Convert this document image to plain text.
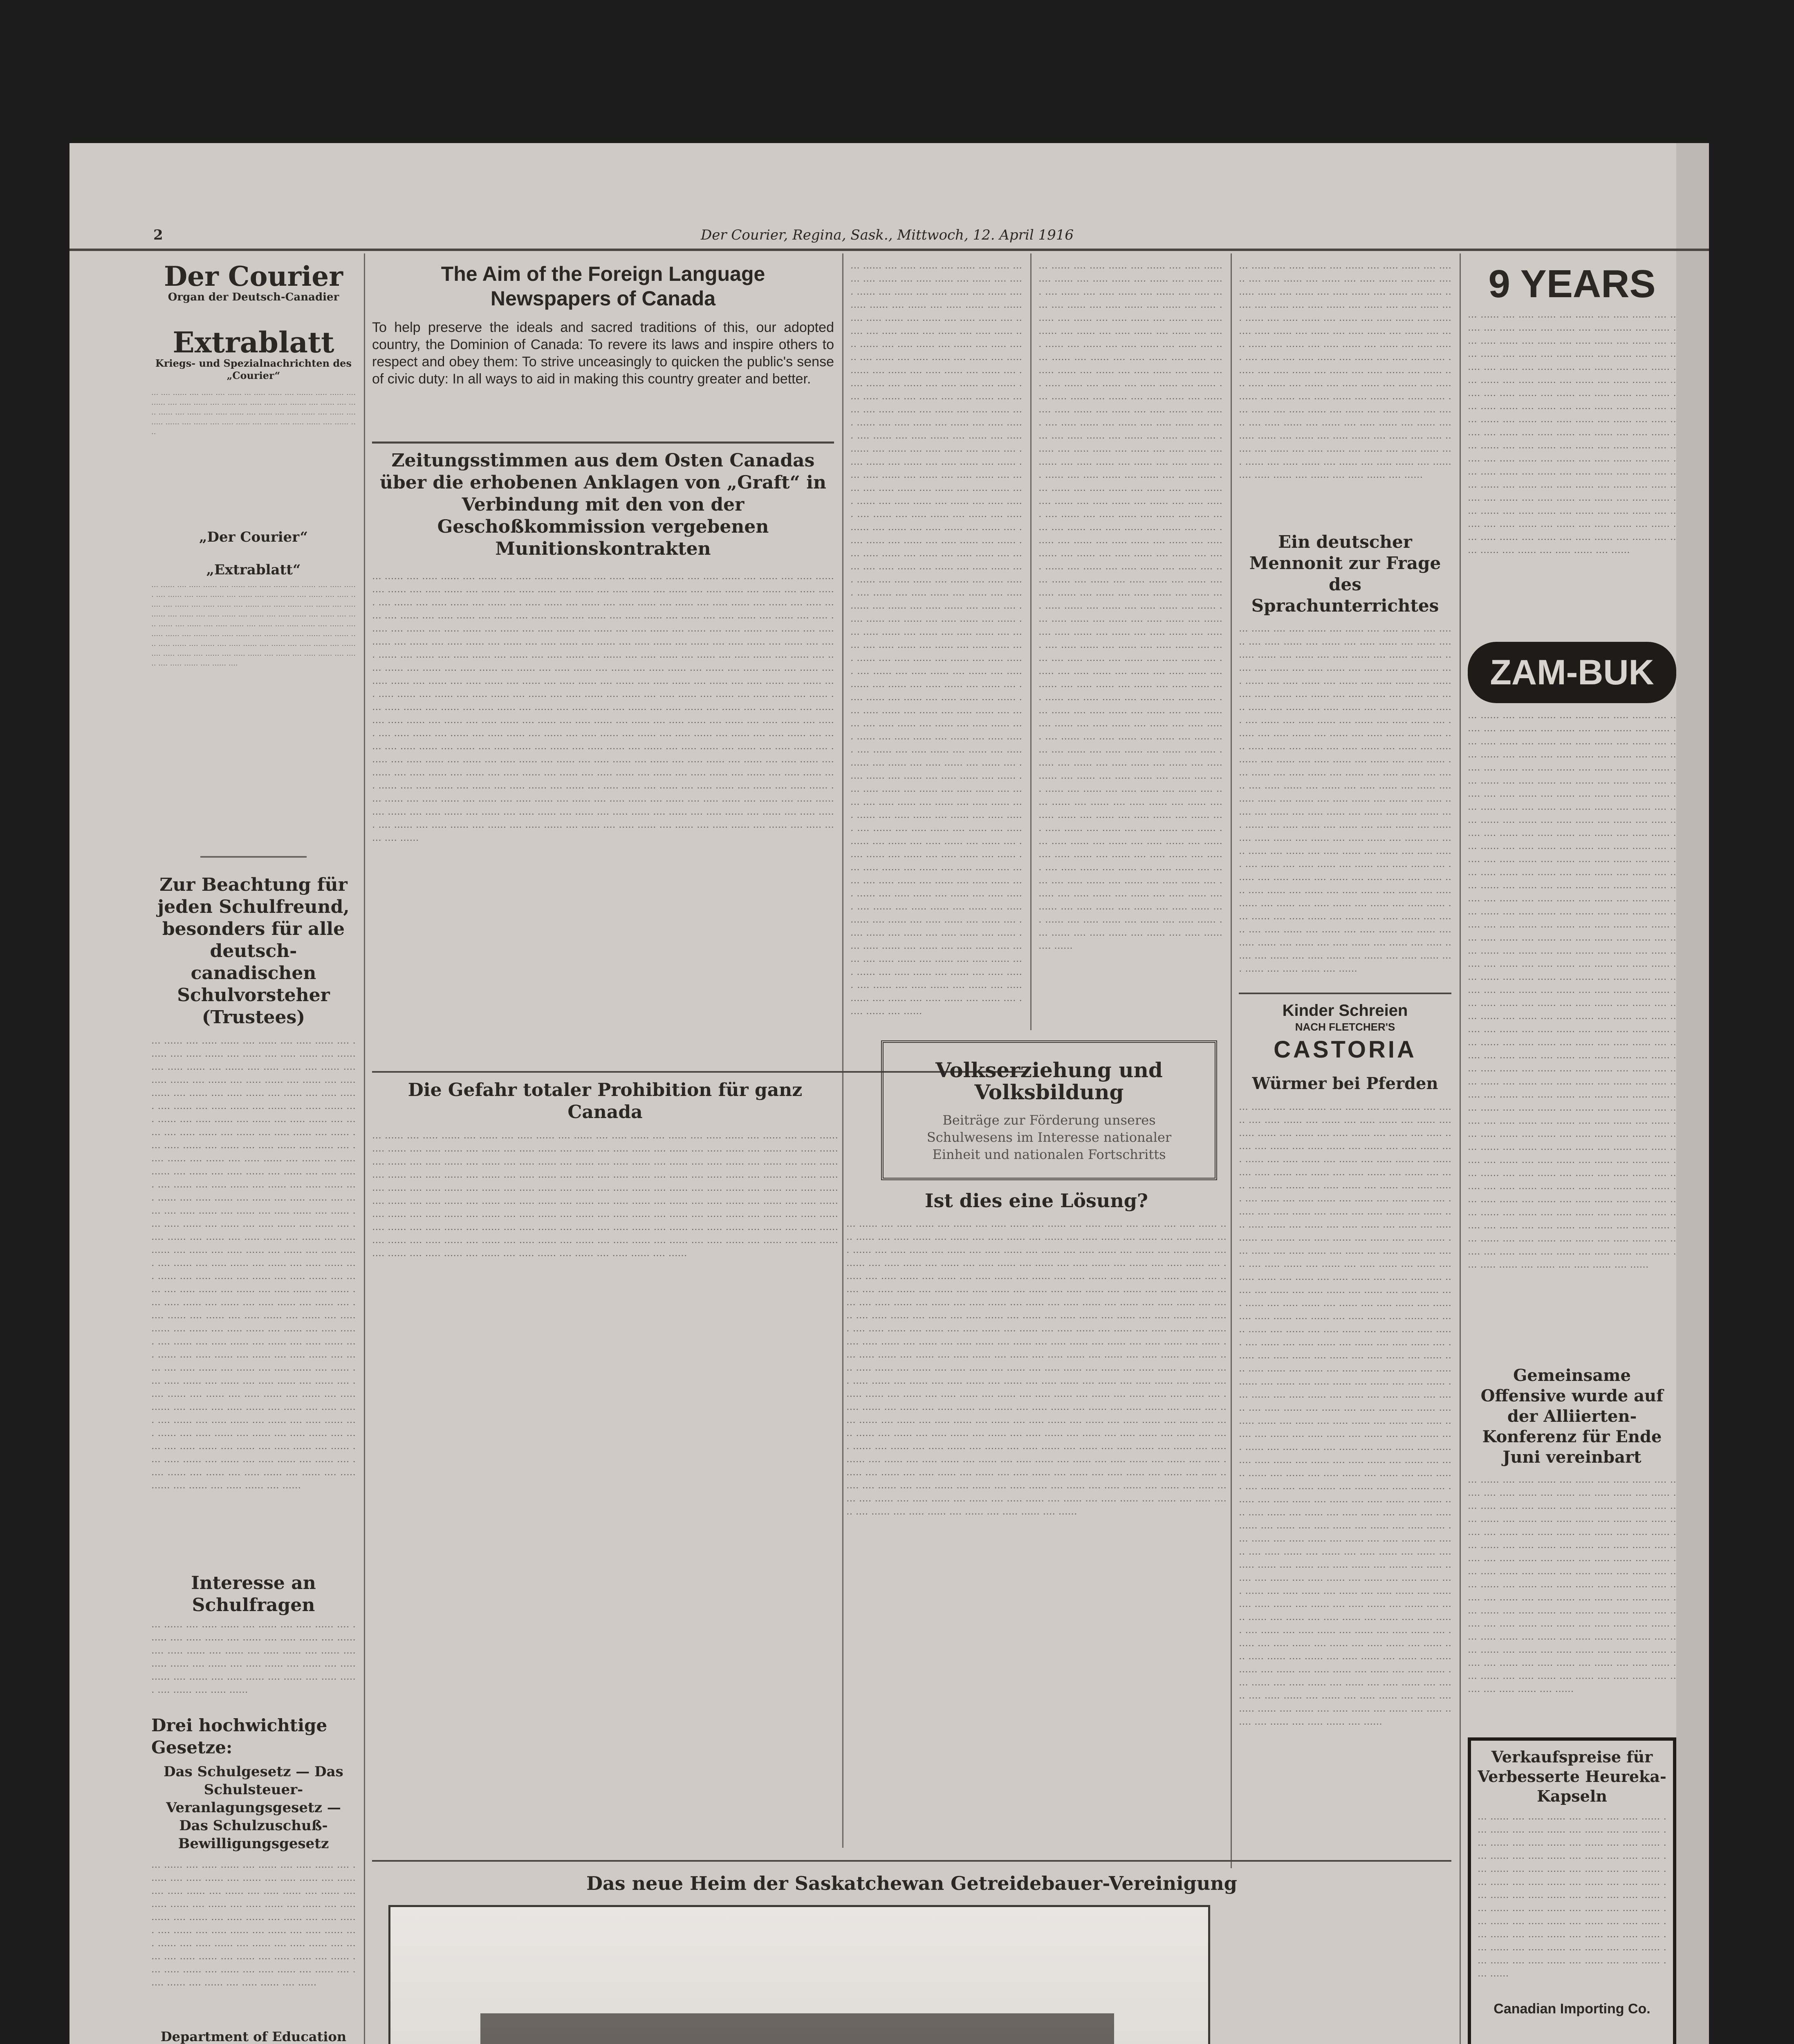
2	Der Courier, Regina, Sask., Mittwoch, 12. April 1916
Der Courier
Organ der Deutsch-Canadier
Extrablatt
Kriegs- und Spezialnachrichten des „Courier“
··· ···· ······ ···· ····· ···· ······ ··· ····· ······ ···· ······· ····· ······ ···· ······ ···· ····· ······ ···· ······ ···· ····· ····· ···· ······· ···· ······ ···· ····· ······ ···· ······ ···· ····· ······ ···· ······ ···· ····· ······ ···· ······ ···· ····· ······ ···· ······ ···· ····· ······ ···· ······ ···· ····· ······ ···· ······ ····
„Der Courier“
„Extrablatt“
··· ······ ···· ····· ······ ···· ······ ···· ····· ······ ···· ······ ···· ····· ······ ···· ······ ···· ····· ······ ···· ······ ···· ····· ······ ···· ······ ···· ····· ······ ···· ······ ···· ····· ······ ···· ······ ···· ····· ······ ···· ······ ···· ····· ······ ···· ······ ···· ····· ······ ···· ······ ···· ····· ······ ···· ······ ···· ····· ······ ···· ······ ···· ····· ······ ···· ······ ···· ····· ······ ···· ······ ···· ····· ······ ···· ······ ···· ····· ······ ···· ······ ···· ····· ······ ···· ······ ···· ····· ······ ···· ······ ···· ····· ······ ···· ······ ···· ····· ······ ···· ······ ···· ····· ······ ···· ······ ···· ····· ······ ···· ······ ···· ····· ······ ···· ······ ···· ····· ······ ···· ······ ····
Zur Beachtung für jeden Schulfreund, besonders für alle deutsch-canadischen Schulvorsteher (Trustees)
··· ······ ···· ····· ······ ···· ······ ···· ····· ······ ···· ······ ···· ····· ······ ···· ······ ···· ····· ······ ···· ······ ···· ····· ······ ···· ······ ···· ····· ······ ···· ······ ···· ····· ······ ···· ······ ···· ····· ······ ···· ······ ···· ····· ······ ···· ······ ···· ····· ······ ···· ······ ···· ····· ······ ···· ······ ···· ····· ······ ···· ······ ···· ····· ······ ···· ······ ···· ····· ······ ···· ······ ···· ····· ······ ···· ······ ···· ····· ······ ···· ······ ···· ····· ······ ···· ······ ···· ····· ······ ···· ······ ···· ····· ······ ···· ······ ···· ····· ······ ···· ······ ···· ····· ······ ···· ······ ···· ····· ······ ···· ······ ···· ····· ······ ···· ······ ···· ····· ······ ···· ······ ···· ····· ······ ···· ······ ···· ····· ······ ···· ······ ···· ····· ······ ···· ······ ···· ····· ······ ···· ······ ···· ····· ······ ···· ······ ···· ····· ······ ···· ······ ···· ····· ······ ···· ······ ···· ····· ······ ···· ······ ···· ····· ······ ···· ······ ···· ····· ······ ···· ······ ···· ····· ······ ···· ······ ···· ····· ······ ···· ······ ···· ····· ······ ···· ······ ···· ····· ······ ···· ······ ···· ····· ······ ···· ······ ···· ····· ······ ···· ······ ···· ····· ······ ···· ······ ···· ····· ······ ···· ······ ···· ····· ······ ···· ······ ···· ····· ······ ···· ······ ···· ····· ······ ···· ······ ···· ····· ······ ···· ······ ···· ····· ······ ···· ······ ···· ····· ······ ···· ······ ···· ····· ······ ···· ······ ···· ····· ······ ···· ······ ···· ····· ······ ···· ······ ···· ····· ······ ···· ······ ···· ····· ······ ···· ······ ···· ····· ······ ···· ······ ···· ····· ······ ···· ······ ···· ····· ······ ···· ······ ···· ····· ······ ···· ······ ···· ····· ······ ···· ······ ···· ····· ······ ···· ······ ···· ····· ······ ···· ······ ···· ····· ······ ···· ······ ···· ····· ······ ···· ······ ···· ····· ······ ···· ······ ···· ····· ······ ···· ······ ···· ····· ······ ···· ······ ···· ····· ······ ···· ······ ···· ····· ······ ···· ······ ···· ····· ······ ···· ······ ···· ····· ······ ···· ······ ···· ····· ······ ···· ······ ···· ····· ······ ···· ······ ···· ····· ······ ···· ······ ···· ····· ······ ···· ······ ···· ····· ······ ···· ······ ···· ····· ······ ···· ······
Interesse an Schulfragen
··· ······ ···· ····· ······ ···· ······ ···· ····· ······ ···· ······ ···· ····· ······ ···· ······ ···· ····· ······ ···· ······ ···· ····· ······ ···· ······ ···· ····· ······ ···· ······ ···· ····· ······ ···· ······ ···· ····· ······ ···· ······ ···· ····· ······ ···· ······ ···· ····· ······ ···· ······ ···· ····· ······ ···· ······ ···· ····· ······
Drei hochwichtige Gesetze:
Das Schulgesetz — Das Schulsteuer-Veranlagungsgesetz — Das Schulzuschuß-Bewilligungsgesetz
··· ······ ···· ····· ······ ···· ······ ···· ····· ······ ···· ······ ···· ····· ······ ···· ······ ···· ····· ······ ···· ······ ···· ····· ······ ···· ······ ···· ····· ······ ···· ······ ···· ····· ······ ···· ······ ···· ····· ······ ···· ······ ···· ····· ······ ···· ······ ···· ····· ······ ···· ······ ···· ····· ······ ···· ······ ···· ····· ······ ···· ······ ···· ····· ······ ···· ······ ···· ····· ······ ···· ······ ···· ····· ······ ···· ······ ···· ····· ······ ···· ······ ···· ····· ······ ···· ······ ···· ····· ······ ···· ······ ···· ····· ······ ···· ······ ···· ····· ······ ···· ······ ···· ····· ······ ···· ······
Department of Education
The Aim of the Foreign Language Newspapers of Canada
To help preserve the ideals and sacred traditions of this, our adopted country, the Dominion of Canada: To revere its laws and inspire others to respect and obey them: To strive unceasingly to quicken the public's sense of civic duty: In all ways to aid in making this country greater and better.
Zeitungsstimmen aus dem Osten Canadas über die erhobenen Anklagen von „Graft“ in Verbindung mit den von der Geschoßkommission vergebenen Munitionskontrakten
··· ······ ···· ····· ······ ···· ······ ···· ····· ······ ···· ······ ···· ····· ······ ···· ······ ···· ····· ······ ···· ······ ···· ····· ······ ···· ······ ···· ····· ······ ···· ······ ···· ····· ······ ···· ······ ···· ····· ······ ···· ······ ···· ····· ······ ···· ······ ···· ····· ······ ···· ······ ···· ····· ······ ···· ······ ···· ····· ······ ···· ······ ···· ····· ······ ···· ······ ···· ····· ······ ···· ······ ···· ····· ······ ···· ······ ···· ····· ······ ···· ······ ···· ····· ······ ···· ······ ···· ····· ······ ···· ······ ···· ····· ······ ···· ······ ···· ····· ······ ···· ······ ···· ····· ······ ···· ······ ···· ····· ······ ···· ······ ···· ····· ······ ···· ······ ···· ····· ······ ···· ······ ···· ····· ······ ···· ······ ···· ····· ······ ···· ······ ···· ····· ······ ···· ······ ···· ····· ······ ···· ······ ···· ····· ······ ···· ······ ···· ····· ······ ···· ······ ···· ····· ······ ···· ······ ···· ····· ······ ···· ······ ···· ····· ······ ···· ······ ···· ····· ······ ···· ······ ···· ····· ······ ···· ······ ···· ····· ······ ···· ······ ···· ····· ······ ···· ······ ···· ····· ······ ···· ······ ···· ····· ······ ···· ······ ···· ····· ······ ···· ······ ···· ····· ······ ···· ······ ···· ····· ······ ···· ······ ···· ····· ······ ···· ······ ···· ····· ······ ···· ······ ···· ····· ······ ···· ······ ···· ····· ······ ···· ······ ···· ····· ······ ···· ······ ···· ····· ······ ···· ······ ···· ····· ······ ···· ······ ···· ····· ······ ···· ······ ···· ····· ······ ···· ······ ···· ····· ······ ···· ······ ···· ····· ······ ···· ······ ···· ····· ······ ···· ······ ···· ····· ······ ···· ······ ···· ····· ······ ···· ······ ···· ····· ······ ···· ······ ···· ····· ······ ···· ······ ···· ····· ······ ···· ······ ···· ····· ······ ···· ······ ···· ····· ······ ···· ······ ···· ····· ······ ···· ······ ···· ····· ······ ···· ······ ···· ····· ······ ···· ······ ···· ····· ······ ···· ······ ···· ····· ······ ···· ······ ···· ····· ······ ···· ······ ···· ····· ······ ···· ······ ···· ····· ······ ···· ······ ···· ····· ······ ···· ······ ···· ····· ······ ···· ······ ···· ····· ······ ···· ······ ···· ····· ······ ···· ······ ···· ····· ······ ···· ······ ···· ····· ······ ···· ······ ···· ····· ······ ···· ······ ···· ····· ······ ···· ······ ···· ····· ······ ···· ······ ···· ····· ······ ···· ······ ···· ····· ······ ···· ······ ···· ····· ······ ···· ······ ···· ····· ······ ···· ······ ···· ····· ······ ···· ······ ···· ····· ······ ···· ······ ···· ····· ······ ···· ······ ···· ····· ······ ···· ······ ···· ····· ······ ···· ······ ···· ····· ······ ···· ······ ···· ····· ······ ···· ······ ···· ····· ······ ···· ······ ···· ····· ······ ···· ······ ···· ····· ······ ···· ······ ···· ····· ······ ···· ······ ···· ····· ······ ···· ······ ···· ····· ······ ···· ······ ···· ····· ······ ···· ······ ···· ····· ······ ···· ······ ···· ····· ······ ···· ······ ···· ····· ······ ···· ······
Die Gefahr totaler Prohibition für ganz Canada
··· ······ ···· ····· ······ ···· ······ ···· ····· ······ ···· ······ ···· ····· ······ ···· ······ ···· ····· ······ ···· ······ ···· ····· ······ ···· ······ ···· ····· ······ ···· ······ ···· ····· ······ ···· ······ ···· ····· ······ ···· ······ ···· ····· ······ ···· ······ ···· ····· ······ ···· ······ ···· ····· ······ ···· ······ ···· ····· ······ ···· ······ ···· ····· ······ ···· ······ ···· ····· ······ ···· ······ ···· ····· ······ ···· ······ ···· ····· ······ ···· ······ ···· ····· ······ ···· ······ ···· ····· ······ ···· ······ ···· ····· ······ ···· ······ ···· ····· ······ ···· ······ ···· ····· ······ ···· ······ ···· ····· ······ ···· ······ ···· ····· ······ ···· ······ ···· ····· ······ ···· ······ ···· ····· ······ ···· ······ ···· ····· ······ ···· ······ ···· ····· ······ ···· ······ ···· ····· ······ ···· ······ ···· ····· ······ ···· ······ ···· ····· ······ ···· ······ ···· ····· ······ ···· ······ ···· ····· ······ ···· ······ ···· ····· ······ ···· ······ ···· ····· ······ ···· ······ ···· ····· ······ ···· ······ ···· ····· ······ ···· ······ ···· ····· ······ ···· ······ ···· ····· ······ ···· ······ ···· ····· ······ ···· ······ ···· ····· ······ ···· ······ ···· ····· ······ ···· ······ ···· ····· ······ ···· ······ ···· ····· ······ ···· ······ ···· ····· ······ ···· ······ ···· ····· ······ ···· ······ ···· ····· ······ ···· ······ ···· ····· ······ ···· ······ ···· ····· ······ ···· ······
··· ······ ···· ····· ······ ···· ······ ···· ····· ······ ···· ······ ···· ····· ······ ···· ······ ···· ····· ······ ···· ······ ···· ····· ······ ···· ······ ···· ····· ······ ···· ······ ···· ····· ······ ···· ······ ···· ····· ······ ···· ······ ···· ····· ······ ···· ······ ···· ····· ······ ···· ······ ···· ····· ······ ···· ······ ···· ····· ······ ···· ······ ···· ····· ······ ···· ······ ···· ····· ······ ···· ······ ···· ····· ······ ···· ······ ···· ····· ······ ···· ······ ···· ····· ······ ···· ······ ···· ····· ······ ···· ······ ···· ····· ······ ···· ······ ···· ····· ······ ···· ······ ···· ····· ······ ···· ······ ···· ····· ······ ···· ······ ···· ····· ······ ···· ······ ···· ····· ······ ···· ······ ···· ····· ······ ···· ······ ···· ····· ······ ···· ······ ···· ····· ······ ···· ······ ···· ····· ······ ···· ······ ···· ····· ······ ···· ······ ···· ····· ······ ···· ······ ···· ····· ······ ···· ······ ···· ····· ······ ···· ······ ···· ····· ······ ···· ······ ···· ····· ······ ···· ······ ···· ····· ······ ···· ······ ···· ····· ······ ···· ······ ···· ····· ······ ···· ······ ···· ····· ······ ···· ······ ···· ····· ······ ···· ······ ···· ····· ······ ···· ······ ···· ····· ······ ···· ······ ···· ····· ······ ···· ······ ···· ····· ······ ···· ······ ···· ····· ······ ···· ······ ···· ····· ······ ···· ······ ···· ····· ······ ···· ······ ···· ····· ······ ···· ······ ···· ····· ······ ···· ······ ···· ····· ······ ···· ······ ···· ····· ······ ···· ······ ···· ····· ······ ···· ······ ···· ····· ······ ···· ······ ···· ····· ······ ···· ······ ···· ····· ······ ···· ······ ···· ····· ······ ···· ······ ···· ····· ······ ···· ······ ···· ····· ······ ···· ······ ···· ····· ······ ···· ······ ···· ····· ······ ···· ······ ···· ····· ······ ···· ······ ···· ····· ······ ···· ······ ···· ····· ······ ···· ······ ···· ····· ······ ···· ······ ···· ····· ······ ···· ······ ···· ····· ······ ···· ······ ···· ····· ······ ···· ······ ···· ····· ······ ···· ······ ···· ····· ······ ···· ······ ···· ····· ······ ···· ······ ···· ····· ······ ···· ······ ···· ····· ······ ···· ······ ···· ····· ······ ···· ······ ···· ····· ······ ···· ······ ···· ····· ······ ···· ······ ···· ····· ······ ···· ······ ···· ····· ······ ···· ······ ···· ····· ······ ···· ······ ···· ····· ······ ···· ······ ···· ····· ······ ···· ······ ···· ····· ······ ···· ······ ···· ····· ······ ···· ······ ···· ····· ······ ···· ······ ···· ····· ······ ···· ······ ···· ····· ······ ···· ······ ···· ····· ······ ···· ······ ···· ····· ······ ···· ······ ···· ····· ······ ···· ······ ···· ····· ······ ···· ······ ···· ····· ······ ···· ······ ···· ····· ······ ···· ······ ···· ····· ······ ···· ······ ···· ····· ······ ···· ······ ···· ····· ······ ···· ······ ···· ····· ······ ···· ······ ···· ····· ······ ···· ······ ···· ····· ······ ···· ······ ···· ····· ······ ···· ······ ···· ····· ······ ···· ······ ···· ····· ······ ···· ······ ···· ····· ······ ···· ······ ···· ····· ······ ···· ······ ···· ····· ······ ···· ······ ···· ····· ······ ···· ······ ···· ····· ······ ···· ······ ···· ····· ······ ···· ······
··· ······ ···· ····· ······ ···· ······ ···· ····· ······ ···· ······ ···· ····· ······ ···· ······ ···· ····· ······ ···· ······ ···· ····· ······ ···· ······ ···· ····· ······ ···· ······ ···· ····· ······ ···· ······ ···· ····· ······ ···· ······ ···· ····· ······ ···· ······ ···· ····· ······ ···· ······ ···· ····· ······ ···· ······ ···· ····· ······ ···· ······ ···· ····· ······ ···· ······ ···· ····· ······ ···· ······ ···· ····· ······ ···· ······ ···· ····· ······ ···· ······ ···· ····· ······ ···· ······ ···· ····· ······ ···· ······ ···· ····· ······ ···· ······ ···· ····· ······ ···· ······ ···· ····· ······ ···· ······ ···· ····· ······ ···· ······ ···· ····· ······ ···· ······ ···· ····· ······ ···· ······ ···· ····· ······ ···· ······ ···· ····· ······ ···· ······ ···· ····· ······ ···· ······ ···· ····· ······ ···· ······ ···· ····· ······ ···· ······ ···· ····· ······ ···· ······ ···· ····· ······ ···· ······ ···· ····· ······ ···· ······ ···· ····· ······ ···· ······ ···· ····· ······ ···· ······ ···· ····· ······ ···· ······ ···· ····· ······ ···· ······ ···· ····· ······ ···· ······ ···· ····· ······ ···· ······ ···· ····· ······ ···· ······ ···· ····· ······ ···· ······ ···· ····· ······ ···· ······ ···· ····· ······ ···· ······ ···· ····· ······ ···· ······ ···· ····· ······ ···· ······ ···· ····· ······ ···· ······ ···· ····· ······ ···· ······ ···· ····· ······ ···· ······ ···· ····· ······ ···· ······ ···· ····· ······ ···· ······ ···· ····· ······ ···· ······ ···· ····· ······ ···· ······ ···· ····· ······ ···· ······ ···· ····· ······ ···· ······ ···· ····· ······ ···· ······ ···· ····· ······ ···· ······ ···· ····· ······ ···· ······ ···· ····· ······ ···· ······ ···· ····· ······ ···· ······ ···· ····· ······ ···· ······ ···· ····· ······ ···· ······ ···· ····· ······ ···· ······ ···· ····· ······ ···· ······ ···· ····· ······ ···· ······ ···· ····· ······ ···· ······ ···· ····· ······ ···· ······ ···· ····· ······ ···· ······ ···· ····· ······ ···· ······ ···· ····· ······ ···· ······ ···· ····· ······ ···· ······ ···· ····· ······ ···· ······ ···· ····· ······ ···· ······ ···· ····· ······ ···· ······ ···· ····· ······ ···· ······ ···· ····· ······ ···· ······ ···· ····· ······ ···· ······ ···· ····· ······ ···· ······ ···· ····· ······ ···· ······ ···· ····· ······ ···· ······ ···· ····· ······ ···· ······ ···· ····· ······ ···· ······ ···· ····· ······ ···· ······ ···· ····· ······ ···· ······ ···· ····· ······ ···· ······ ···· ····· ······ ···· ······ ···· ····· ······ ···· ······ ···· ····· ······ ···· ······ ···· ····· ······ ···· ······ ···· ····· ······ ···· ······ ···· ····· ······ ···· ······ ···· ····· ······ ···· ······ ···· ····· ······ ···· ······ ···· ····· ······ ···· ······ ···· ····· ······ ···· ······ ···· ····· ······ ···· ······ ···· ····· ······ ···· ······ ···· ····· ······ ···· ······ ···· ····· ······ ···· ······ ···· ····· ······ ···· ······ ···· ····· ······ ···· ······ ···· ····· ······ ···· ······ ···· ····· ······ ···· ······
Volkserziehung und Volksbildung
Beiträge zur Förderung unseres Schulwesens im Interesse nationaler Einheit und nationalen Fortschritts
Ist dies eine Lösung?
··· ······ ···· ····· ······ ···· ······ ···· ····· ······ ···· ······ ···· ····· ······ ···· ······ ···· ····· ······ ···· ······ ···· ····· ······ ···· ······ ···· ····· ······ ···· ······ ···· ····· ······ ···· ······ ···· ····· ······ ···· ······ ···· ····· ······ ···· ······ ···· ····· ······ ···· ······ ···· ····· ······ ···· ······ ···· ····· ······ ···· ······ ···· ····· ······ ···· ······ ···· ····· ······ ···· ······ ···· ····· ······ ···· ······ ···· ····· ······ ···· ······ ···· ····· ······ ···· ······ ···· ····· ······ ···· ······ ···· ····· ······ ···· ······ ···· ····· ······ ···· ······ ···· ····· ······ ···· ······ ···· ····· ······ ···· ······ ···· ····· ······ ···· ······ ···· ····· ······ ···· ······ ···· ····· ······ ···· ······ ···· ····· ······ ···· ······ ···· ····· ······ ···· ······ ···· ····· ······ ···· ······ ···· ····· ······ ···· ······ ···· ····· ······ ···· ······ ···· ····· ······ ···· ······ ···· ····· ······ ···· ······ ···· ····· ······ ···· ······ ···· ····· ······ ···· ······ ···· ····· ······ ···· ······ ···· ····· ······ ···· ······ ···· ····· ······ ···· ······ ···· ····· ······ ···· ······ ···· ····· ······ ···· ······ ···· ····· ······ ···· ······ ···· ····· ······ ···· ······ ···· ····· ······ ···· ······ ···· ····· ······ ···· ······ ···· ····· ······ ···· ······ ···· ····· ······ ···· ······ ···· ····· ······ ···· ······ ···· ····· ······ ···· ······ ···· ····· ······ ···· ······ ···· ····· ······ ···· ······ ···· ····· ······ ···· ······ ···· ····· ······ ···· ······ ···· ····· ······ ···· ······ ···· ····· ······ ···· ······ ···· ····· ······ ···· ······ ···· ····· ······ ···· ······ ···· ····· ······ ···· ······ ···· ····· ······ ···· ······ ···· ····· ······ ···· ······ ···· ····· ······ ···· ······ ···· ····· ······ ···· ······ ···· ····· ······ ···· ······ ···· ····· ······ ···· ······ ···· ····· ······ ···· ······ ···· ····· ······ ···· ······ ···· ····· ······ ···· ······ ···· ····· ······ ···· ······ ···· ····· ······ ···· ······ ···· ····· ······ ···· ······ ···· ····· ······ ···· ······ ···· ····· ······ ···· ······ ···· ····· ······ ···· ······ ···· ····· ······ ···· ······ ···· ····· ······ ···· ······ ···· ····· ······ ···· ······ ···· ····· ······ ···· ······ ···· ····· ······ ···· ······ ···· ····· ······ ···· ······ ···· ····· ······ ···· ······ ···· ····· ······ ···· ······ ···· ····· ······ ···· ······ ···· ····· ······ ···· ······ ···· ····· ······ ···· ······ ···· ····· ······ ···· ······ ···· ····· ······ ···· ······ ···· ····· ······ ···· ······ ···· ····· ······ ···· ······ ···· ····· ······ ···· ······ ···· ····· ······ ···· ······ ···· ····· ······ ···· ······ ···· ····· ······ ···· ······ ···· ····· ······ ···· ······
··· ······ ···· ····· ······ ···· ······ ···· ····· ······ ···· ······ ···· ····· ······ ···· ······ ···· ····· ······ ···· ······ ···· ····· ······ ···· ······ ···· ····· ······ ···· ······ ···· ····· ······ ···· ······ ···· ····· ······ ···· ······ ···· ····· ······ ···· ······ ···· ····· ······ ···· ······ ···· ····· ······ ···· ······ ···· ····· ······ ···· ······ ···· ····· ······ ···· ······ ···· ····· ······ ···· ······ ···· ····· ······ ···· ······ ···· ····· ······ ···· ······ ···· ····· ······ ···· ······ ···· ····· ······ ···· ······ ···· ····· ······ ···· ······ ···· ····· ······ ···· ······ ···· ····· ······ ···· ······ ···· ····· ······ ···· ······ ···· ····· ······ ···· ······ ···· ····· ······ ···· ······ ···· ····· ······ ···· ······ ···· ····· ······ ···· ······ ···· ····· ······ ···· ······ ···· ····· ······ ···· ······ ···· ····· ······ ···· ······ ···· ····· ······ ···· ······ ···· ····· ······ ···· ······ ···· ····· ······ ···· ······ ···· ····· ······ ···· ······ ···· ····· ······ ···· ······ ···· ····· ······ ···· ······ ···· ····· ······ ···· ······ ···· ····· ······ ···· ······ ···· ····· ······ ···· ······
Ein deutscher Mennonit zur Frage des Sprachunterrichtes
··· ······ ···· ····· ······ ···· ······ ···· ····· ······ ···· ······ ···· ····· ······ ···· ······ ···· ····· ······ ···· ······ ···· ····· ······ ···· ······ ···· ····· ······ ···· ······ ···· ····· ······ ···· ······ ···· ····· ······ ···· ······ ···· ····· ······ ···· ······ ···· ····· ······ ···· ······ ···· ····· ······ ···· ······ ···· ····· ······ ···· ······ ···· ····· ······ ···· ······ ···· ····· ······ ···· ······ ···· ····· ······ ···· ······ ···· ····· ······ ···· ······ ···· ····· ······ ···· ······ ···· ····· ······ ···· ······ ···· ····· ······ ···· ······ ···· ····· ······ ···· ······ ···· ····· ······ ···· ······ ···· ····· ······ ···· ······ ···· ····· ······ ···· ······ ···· ····· ······ ···· ······ ···· ····· ······ ···· ······ ···· ····· ······ ···· ······ ···· ····· ······ ···· ······ ···· ····· ······ ···· ······ ···· ····· ······ ···· ······ ···· ····· ······ ···· ······ ···· ····· ······ ···· ······ ···· ····· ······ ···· ······ ···· ····· ······ ···· ······ ···· ····· ······ ···· ······ ···· ····· ······ ···· ······ ···· ····· ······ ···· ······ ···· ····· ······ ···· ······ ···· ····· ······ ···· ······ ···· ····· ······ ···· ······ ···· ····· ······ ···· ······ ···· ····· ······ ···· ······ ···· ····· ······ ···· ······ ···· ····· ······ ···· ······ ···· ····· ······ ···· ······ ···· ····· ······ ···· ······ ···· ····· ······ ···· ······ ···· ····· ······ ···· ······ ···· ····· ······ ···· ······ ···· ····· ······ ···· ······ ···· ····· ······ ···· ······ ···· ····· ······ ···· ······ ···· ····· ······ ···· ······ ···· ····· ······ ···· ······ ···· ····· ······ ···· ······ ···· ····· ······ ···· ······ ···· ····· ······ ···· ······ ···· ····· ······ ···· ······ ···· ····· ······ ···· ······ ···· ····· ······ ···· ······ ···· ····· ······ ···· ······
Kinder Schreien
NACH FLETCHER'S
CASTORIA
Würmer bei Pferden
··· ······ ···· ····· ······ ···· ······ ···· ····· ······ ···· ······ ···· ····· ······ ···· ······ ···· ····· ······ ···· ······ ···· ····· ······ ···· ······ ···· ····· ······ ···· ······ ···· ····· ······ ···· ······ ···· ····· ······ ···· ······ ···· ····· ······ ···· ······ ···· ····· ······ ···· ······ ···· ····· ······ ···· ······ ···· ····· ······ ···· ······ ···· ····· ······ ···· ······ ···· ····· ······ ···· ······ ···· ····· ······ ···· ······ ···· ····· ······ ···· ······ ···· ····· ······ ···· ······ ···· ····· ······ ···· ······ ···· ····· ······ ···· ······ ···· ····· ······ ···· ······ ···· ····· ······ ···· ······ ···· ····· ······ ···· ······ ···· ····· ······ ···· ······ ···· ····· ······ ···· ······ ···· ····· ······ ···· ······ ···· ····· ······ ···· ······ ···· ····· ······ ···· ······ ···· ····· ······ ···· ······ ···· ····· ······ ···· ······ ···· ····· ······ ···· ······ ···· ····· ······ ···· ······ ···· ····· ······ ···· ······ ···· ····· ······ ···· ······ ···· ····· ······ ···· ······ ···· ····· ······ ···· ······ ···· ····· ······ ···· ······ ···· ····· ······ ···· ······ ···· ····· ······ ···· ······ ···· ····· ······ ···· ······ ···· ····· ······ ···· ······ ···· ····· ······ ···· ······ ···· ····· ······ ···· ······ ···· ····· ······ ···· ······ ···· ····· ······ ···· ······ ···· ····· ······ ···· ······ ···· ····· ······ ···· ······ ···· ····· ······ ···· ······ ···· ····· ······ ···· ······ ···· ····· ······ ···· ······ ···· ····· ······ ···· ······ ···· ····· ······ ···· ······ ···· ····· ······ ···· ······ ···· ····· ······ ···· ······ ···· ····· ······ ···· ······ ···· ····· ······ ···· ······ ···· ····· ······ ···· ······ ···· ····· ······ ···· ······ ···· ····· ······ ···· ······ ···· ····· ······ ···· ······ ···· ····· ······ ···· ······ ···· ····· ······ ···· ······ ···· ····· ······ ···· ······ ···· ····· ······ ···· ······ ···· ····· ······ ···· ······ ···· ····· ······ ···· ······ ···· ····· ······ ···· ······ ···· ····· ······ ···· ······ ···· ····· ······ ···· ······ ···· ····· ······ ···· ······ ···· ····· ······ ···· ······ ···· ····· ······ ···· ······ ···· ····· ······ ···· ······ ···· ····· ······ ···· ······ ···· ····· ······ ···· ······ ···· ····· ······ ···· ······ ···· ····· ······ ···· ······ ···· ····· ······ ···· ······ ···· ····· ······ ···· ······ ···· ····· ······ ···· ······ ···· ····· ······ ···· ······ ···· ····· ······ ···· ······ ···· ····· ······ ···· ······ ···· ····· ······ ···· ······ ···· ····· ······ ···· ······ ···· ····· ······ ···· ······ ···· ····· ······ ···· ······ ···· ····· ······ ···· ······ ···· ····· ······ ···· ······ ···· ····· ······ ···· ······ ···· ····· ······ ···· ······ ···· ····· ······ ···· ······ ···· ····· ······ ···· ······ ···· ····· ······ ···· ······ ···· ····· ······ ···· ······ ···· ····· ······ ···· ······ ···· ····· ······ ···· ······ ···· ····· ······ ···· ······ ···· ····· ······ ···· ······ ···· ····· ······ ···· ······ ···· ····· ······ ···· ······ ···· ····· ······ ···· ······ ···· ····· ······ ···· ······ ···· ····· ······ ···· ······ ···· ····· ······ ···· ······ ···· ····· ······ ···· ······ ···· ····· ······ ···· ······ ···· ····· ······ ···· ······ ···· ····· ······ ···· ······
9 YEARS
··· ······ ···· ····· ······ ···· ······ ···· ····· ······ ···· ······ ···· ····· ······ ···· ······ ···· ····· ······ ···· ······ ···· ····· ······ ···· ······ ···· ····· ······ ···· ······ ···· ····· ······ ···· ······ ···· ····· ······ ···· ······ ···· ····· ······ ···· ······ ···· ····· ······ ···· ······ ···· ····· ······ ···· ······ ···· ····· ······ ···· ······ ···· ····· ······ ···· ······ ···· ····· ······ ···· ······ ···· ····· ······ ···· ······ ···· ····· ······ ···· ······ ···· ····· ······ ···· ······ ···· ····· ······ ···· ······ ···· ····· ······ ···· ······ ···· ····· ······ ···· ······ ···· ····· ······ ···· ······ ···· ····· ······ ···· ······ ···· ····· ······ ···· ······ ···· ····· ······ ···· ······ ···· ····· ······ ···· ······ ···· ····· ······ ···· ······ ···· ····· ······ ···· ······ ···· ····· ······ ···· ······ ···· ····· ······ ···· ······ ···· ····· ······ ···· ······ ···· ····· ······ ···· ······ ···· ····· ······ ···· ······ ···· ····· ······ ···· ······ ···· ····· ······ ···· ······ ···· ····· ······ ···· ······ ···· ····· ······ ···· ······ ···· ····· ······ ···· ······ ···· ····· ······ ···· ······ ···· ····· ······ ···· ······ ···· ····· ······ ···· ······ ···· ····· ······ ···· ······
ZAM-BUK
··· ······ ···· ····· ······ ···· ······ ···· ····· ······ ···· ······ ···· ····· ······ ···· ······ ···· ····· ······ ···· ······ ···· ····· ······ ···· ······ ···· ····· ······ ···· ······ ···· ····· ······ ···· ······ ···· ····· ······ ···· ······ ···· ····· ······ ···· ······ ···· ····· ······ ···· ······ ···· ····· ······ ···· ······ ···· ····· ······ ···· ······ ···· ····· ······ ···· ······ ···· ····· ······ ···· ······ ···· ····· ······ ···· ······ ···· ····· ······ ···· ······ ···· ····· ······ ···· ······ ···· ····· ······ ···· ······ ···· ····· ······ ···· ······ ···· ····· ······ ···· ······ ···· ····· ······ ···· ······ ···· ····· ······ ···· ······ ···· ····· ······ ···· ······ ···· ····· ······ ···· ······ ···· ····· ······ ···· ······ ···· ····· ······ ···· ······ ···· ····· ······ ···· ······ ···· ····· ······ ···· ······ ···· ····· ······ ···· ······ ···· ····· ······ ···· ······ ···· ····· ······ ···· ······ ···· ····· ······ ···· ······ ···· ····· ······ ···· ······ ···· ····· ······ ···· ······ ···· ····· ······ ···· ······ ···· ····· ······ ···· ······ ···· ····· ······ ···· ······ ···· ····· ······ ···· ······ ···· ····· ······ ···· ······ ···· ····· ······ ···· ······ ···· ····· ······ ···· ······ ···· ····· ······ ···· ······ ···· ····· ······ ···· ······ ···· ····· ······ ···· ······ ···· ····· ······ ···· ······ ···· ····· ······ ···· ······ ···· ····· ······ ···· ······ ···· ····· ······ ···· ······ ···· ····· ······ ···· ······ ···· ····· ······ ···· ······ ···· ····· ······ ···· ······ ···· ····· ······ ···· ······ ···· ····· ······ ···· ······ ···· ····· ······ ···· ······ ···· ····· ······ ···· ······ ···· ····· ······ ···· ······ ···· ····· ······ ···· ······ ···· ····· ······ ···· ······ ···· ····· ······ ···· ······ ···· ····· ······ ···· ······ ···· ····· ······ ···· ······ ···· ····· ······ ···· ······ ···· ····· ······ ···· ······ ···· ····· ······ ···· ······ ···· ····· ······ ···· ······ ···· ····· ······ ···· ······ ···· ····· ······ ···· ······ ···· ····· ······ ···· ······ ···· ····· ······ ···· ······ ···· ····· ······ ···· ······ ···· ····· ······ ···· ······ ···· ····· ······ ···· ······ ···· ····· ······ ···· ······ ···· ····· ······ ···· ······ ···· ····· ······ ···· ······ ···· ····· ······ ···· ······ ···· ····· ······ ···· ······ ···· ····· ······ ···· ······ ···· ····· ······ ···· ······ ···· ····· ······ ···· ······ ···· ····· ······ ···· ······ ···· ····· ······ ···· ······ ···· ····· ······ ···· ······ ···· ····· ······ ···· ······ ···· ····· ······ ···· ······ ···· ····· ······ ···· ······ ···· ····· ······ ···· ······ ···· ····· ······ ···· ······ ···· ····· ······ ···· ······ ···· ····· ······ ···· ······ ···· ····· ······ ···· ······ ···· ····· ······ ···· ······ ···· ····· ······ ···· ······ ···· ····· ······ ···· ······
Gemeinsame Offensive wurde auf der Alliierten-Konferenz für Ende Juni vereinbart
··· ······ ···· ····· ······ ···· ······ ···· ····· ······ ···· ······ ···· ····· ······ ···· ······ ···· ····· ······ ···· ······ ···· ····· ······ ···· ······ ···· ····· ······ ···· ······ ···· ····· ······ ···· ······ ···· ····· ······ ···· ······ ···· ····· ······ ···· ······ ···· ····· ······ ···· ······ ···· ····· ······ ···· ······ ···· ····· ······ ···· ······ ···· ····· ······ ···· ······ ···· ····· ······ ···· ······ ···· ····· ······ ···· ······ ···· ····· ······ ···· ······ ···· ····· ······ ···· ······ ···· ····· ······ ···· ······ ···· ····· ······ ···· ······ ···· ····· ······ ···· ······ ···· ····· ······ ···· ······ ···· ····· ······ ···· ······ ···· ····· ······ ···· ······ ···· ····· ······ ···· ······ ···· ····· ······ ···· ······ ···· ····· ······ ···· ······ ···· ····· ······ ···· ······ ···· ····· ······ ···· ······ ···· ····· ······ ···· ······ ···· ····· ······ ···· ······ ···· ····· ······ ···· ······ ···· ····· ······ ···· ······ ···· ····· ······ ···· ······ ···· ····· ······ ···· ······ ···· ····· ······ ···· ······ ···· ····· ······ ···· ······
Verkaufspreise für Verbesserte Heureka-Kapseln
··· ······ ···· ····· ······ ···· ······ ···· ····· ······ ···· ······ ···· ····· ······ ···· ······ ···· ····· ······ ···· ······ ···· ····· ······ ···· ······ ···· ····· ······ ···· ······ ···· ····· ······ ···· ······ ···· ····· ······ ···· ······ ···· ····· ······ ···· ······ ···· ····· ······ ···· ······ ···· ····· ······ ···· ······ ···· ····· ······ ···· ······ ···· ····· ······ ···· ······ ···· ····· ······ ···· ······ ···· ····· ······ ···· ······ ···· ····· ······ ···· ······ ···· ····· ······ ···· ······ ···· ····· ······ ···· ······ ···· ····· ······ ···· ······ ···· ····· ······ ···· ······ ···· ····· ······ ···· ······ ···· ····· ······ ···· ······ ···· ····· ······ ···· ······ ···· ····· ······ ···· ······
Canadian Importing Co.
Das neue Heim der Saskatchewan Getreidebauer-Vereinigung
